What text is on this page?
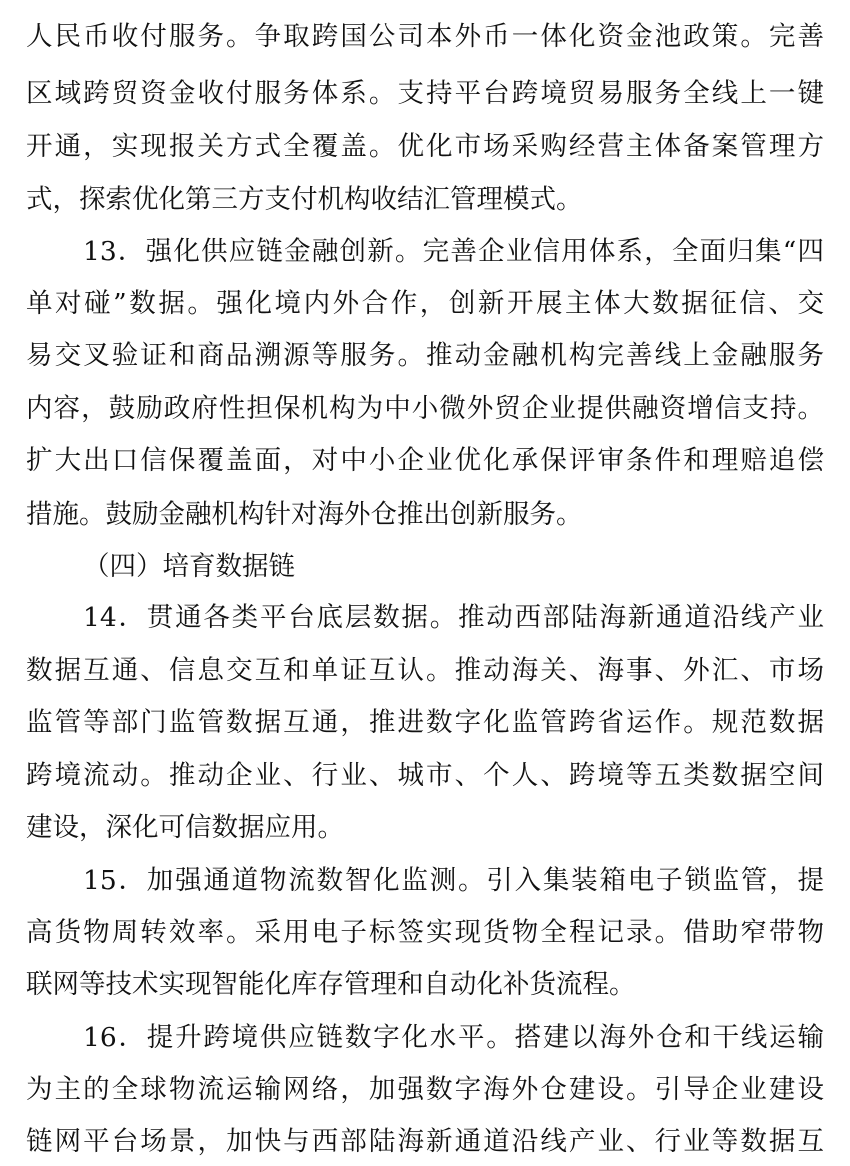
人民币收付服务。争取跨国公司本外币一体化资金池政策。完善
区域跨贸资金收付服务体系。支持平台跨境贸易服务全线上一键
开通，实现报关方式全覆盖。优化市场采购经营主体备案管理方
式，探索优化第三方支付机构收结汇管理模式。
13．强化供应链金融创新。完善企业信用体系，全面归集“四
单对碰”数据。强化境内外合作，创新开展主体大数据征信、交
易交叉验证和商品溯源等服务。推动金融机构完善线上金融服务
内容，鼓励政府性担保机构为中小微外贸企业提供融资增信支持。
扩大出口信保覆盖面，对中小企业优化承保评审条件和理赔追偿
措施。鼓励金融机构针对海外仓推出创新服务。
（四）培育数据链
14．贯通各类平台底层数据。推动西部陆海新通道沿线产业
数据互通、信息交互和单证互认。推动海关、海事、外汇、市场
监管等部门监管数据互通，推进数字化监管跨省运作。规范数据
跨境流动。推动企业、行业、城市、个人、跨境等五类数据空间
建设，深化可信数据应用。
15．加强通道物流数智化监测。引入集装箱电子锁监管，提
高货物周转效率。采用电子标签实现货物全程记录。借助窄带物
联网等技术实现智能化库存管理和自动化补货流程。
16．提升跨境供应链数字化水平。搭建以海外仓和干线运输
为主的全球物流运输网络，加强数字海外仓建设。引导企业建设
链网平台场景，加快与西部陆海新通道沿线产业、行业等数据互
